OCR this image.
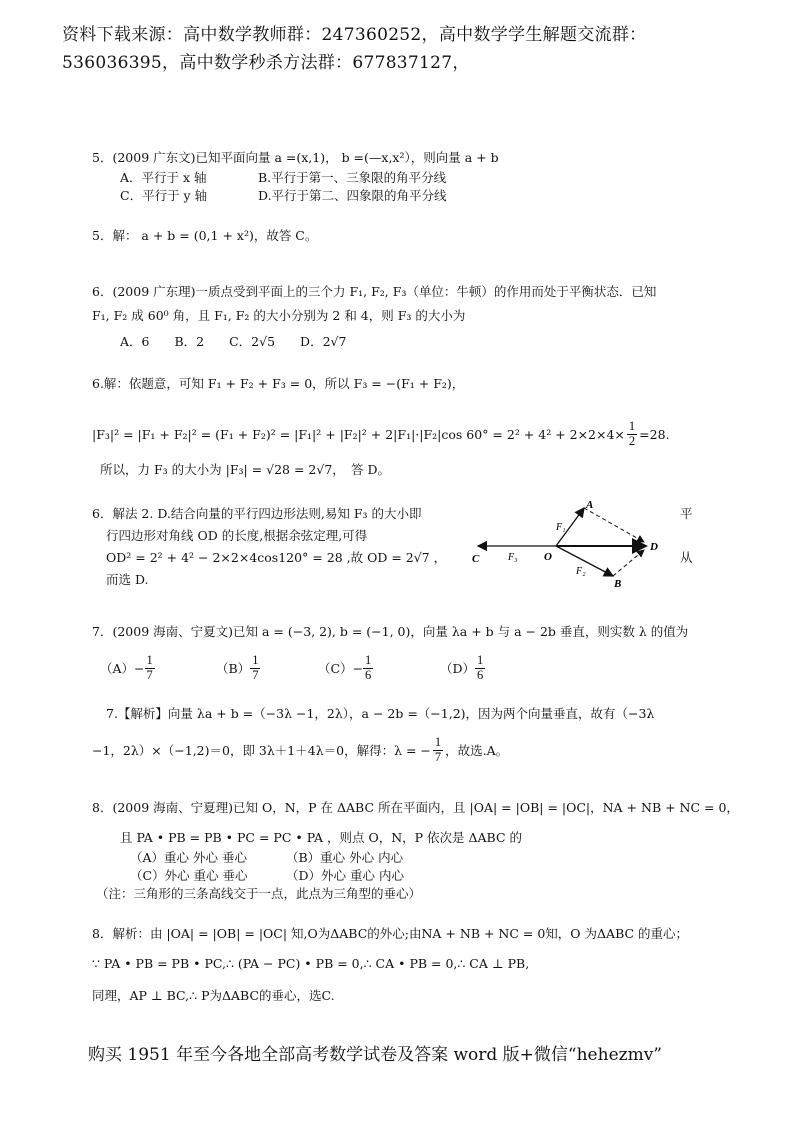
资料下载来源：高中数学教师群：247360252，高中数学学生解题交流群：
536036395，高中数学秒杀方法群：677837127，
5．(2009 广东文)已知平面向量 a =(x,1)， b =(—x,x²），则向量 a + b
A．平行于 x 轴	B.平行于第一、三象限的角平分线
C．平行于 y 轴	D.平行于第二、四象限的角平分线
5．解： a + b = (0,1 + x²)，故答 C。
6．(2009 广东理)一质点受到平面上的三个力 F₁, F₂, F₃（单位：牛顿）的作用而处于平衡状态．已知
F₁, F₂ 成 60⁰ 角，且 F₁, F₂ 的大小分别为 2 和 4，则 F₃ 的大小为
A．6　　B．2　　C．2√5　　D．2√7
6.解：依题意，可知 F₁ + F₂ + F₃ = 0，所以 F₃ = −(F₁ + F₂)，
|F₃|² = |F₁ + F₂|² = (F₁ + F₂)² = |F₁|² + |F₂|² + 2|F₁|·|F₂|cos $60^\circ = 2^2 + 4^2 + 2\times 2\times 4\times \frac{1}{2} =28$.
所以，力 F₃ 的大小为 |F₃| = √28 = 2√7，　答 D。
6．解法 2. D.结合向量的平行四边形法则,易知 F₃ 的大小即
行四边形对角线 OD 的长度,根据余弦定理,可得
OD² = 2² + 4² − 2×2×4cos120° = 28 ,故 OD = 2√7 ，
而选 D.
平
从
A
B
C
D
O
F₁
F₂
F₃
7．(2009 海南、宁夏文)已知 a = (−3, 2), b = (−1, 0)，向量 λa + b 与 a − 2b 垂直，则实数 λ 的值为
$(A)- \frac{1}{7}$	$(B) \frac{1}{7}$	$(C)- \frac{1}{6}$	$(D) \frac{1}{6}$
7.【解析】向量 λa + b =（−3λ −1，2λ），a − 2b =（−1,2)，因为两个向量垂直，故有（−3λ
−1，2λ）×（−1,2)＝0，即 3λ＋1＋4λ＝0，解得：λ = − $\frac{1}{7}$ ，故选.A。
8．(2009 海南、宁夏理)已知 O，N，P 在 ΔABC 所在平面内，且 |OA| = |OB| = |OC|，NA + NB + NC = 0，
且 PA • PB = PB • PC = PC • PA ，则点 O，N，P 依次是 ΔABC 的
（A）重心 外心 垂心	（B）重心 外心 内心
（C）外心 重心 垂心	（D）外心 重心 内心
（注：三角形的三条高线交于一点，此点为三角型的垂心）
8．解析：由 |OA| = |OB| = |OC| 知,O为ΔABC的外心;由NA + NB + NC = 0知，O 为ΔABC 的重心；
∵ PA • PB = PB • PC,∴ (PA − PC) • PB = 0,∴ CA • PB = 0,∴ CA ⊥ PB,
同理，AP ⊥ BC,∴ P为ΔABC的垂心，选C.
购买 1951 年至今各地全部高考数学试卷及答案 word 版+微信“hehezmv”
